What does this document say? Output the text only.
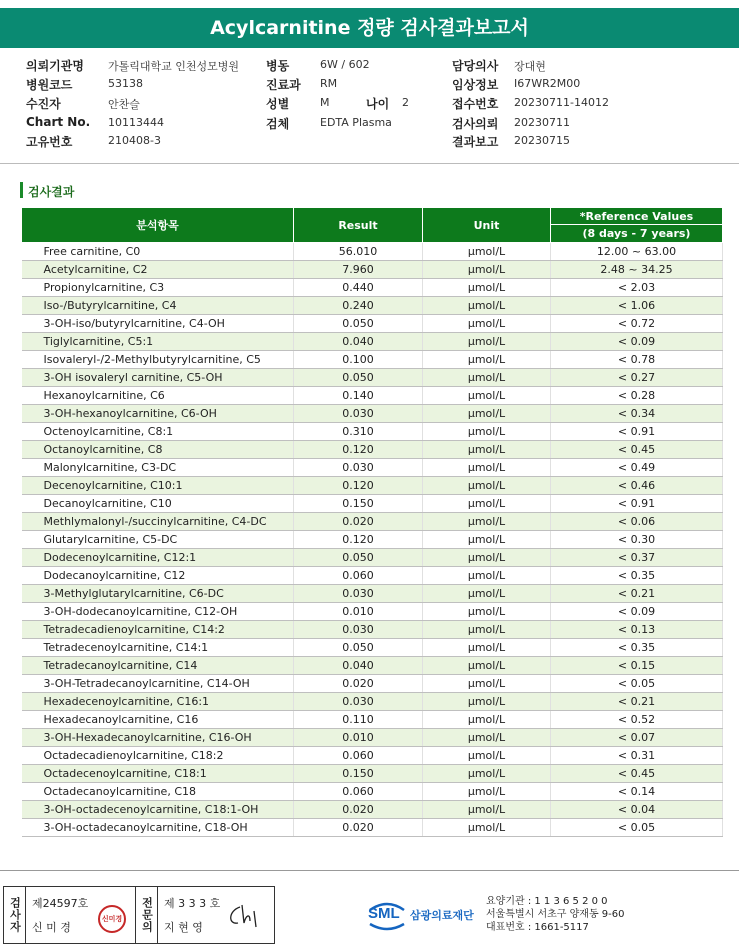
Acylcarnitine 정량 검사결과보고서
의뢰기관명 가톨릭대학교 인천성모병원
병원코드	53138
수진자	안찬슬
Chart No. 10113444
고유번호	210408-3
병동	6W / 602
진료과 RM
성별	M	나이 2
검체	EDTA Plasma
담당의사 장대현
임상정보 I67WR2M00
접수번호 20230711-14012
검사의뢰 20230711
결과보고 20230715
검사결과
분석항목	Result	Unit	*Reference Values
			(8 days - 7 years)
Free carnitine, C0	56.010	μmol/L	12.00 ~ 63.00
Acetylcarnitine, C2	7.960	μmol/L	2.48 ~ 34.25
Propionylcarnitine, C3	0.440	μmol/L	< 2.03
Iso-/Butyrylcarnitine, C4	0.240	μmol/L	< 1.06
3-OH-iso/butyrylcarnitine, C4-OH	0.050	μmol/L	< 0.72
Tiglylcarnitine, C5:1	0.040	μmol/L	< 0.09
Isovaleryl-/2-Methylbutyrylcarnitine, C5	0.100	μmol/L	< 0.78
3-OH isovaleryl carnitine, C5-OH	0.050	μmol/L	< 0.27
Hexanoylcarnitine, C6	0.140	μmol/L	< 0.28
3-OH-hexanoylcarnitine, C6-OH	0.030	μmol/L	< 0.34
Octenoylcarnitine, C8:1	0.310	μmol/L	< 0.91
Octanoylcarnitine, C8	0.120	μmol/L	< 0.45
Malonylcarnitine, C3-DC	0.030	μmol/L	< 0.49
Decenoylcarnitine, C10:1	0.120	μmol/L	< 0.46
Decanoylcarnitine, C10	0.150	μmol/L	< 0.91
Methlymalonyl-/succinylcarnitine, C4-DC	0.020	μmol/L	< 0.06
Glutarylcarnitine, C5-DC	0.120	μmol/L	< 0.30
Dodecenoylcarnitine, C12:1	0.050	μmol/L	< 0.37
Dodecanoylcarnitine, C12	0.060	μmol/L	< 0.35
3-Methylglutarylcarnitine, C6-DC	0.030	μmol/L	< 0.21
3-OH-dodecanoylcarnitine, C12-OH	0.010	μmol/L	< 0.09
Tetradecadienoylcarnitine, C14:2	0.030	μmol/L	< 0.13
Tetradecenoylcarnitine, C14:1	0.050	μmol/L	< 0.35
Tetradecanoylcarnitine, C14	0.040	μmol/L	< 0.15
3-OH-Tetradecanoylcarnitine, C14-OH	0.020	μmol/L	< 0.05
Hexadecenoylcarnitine, C16:1	0.030	μmol/L	< 0.21
Hexadecanoylcarnitine, C16	0.110	μmol/L	< 0.52
3-OH-Hexadecanoylcarnitine, C16-OH	0.010	μmol/L	< 0.07
Octadecadienoylcarnitine, C18:2	0.060	μmol/L	< 0.31
Octadecenoylcarnitine, C18:1	0.150	μmol/L	< 0.45
Octadecanoylcarnitine, C18	0.060	μmol/L	< 0.14
3-OH-octadecenoylcarnitine, C18:1-OH	0.020	μmol/L	< 0.04
3-OH-octadecanoylcarnitine, C18-OH	0.020	μmol/L	< 0.05
검사자 제24597호
신 미 경
신미경	전문의 제 3 3 3 호
지 현 영
SML 삼광의료재단
요양기관 : 1 1 3 6 5 2 0 0
서울특별시 서초구 양재동 9-60
대표번호 : 1661-5117
